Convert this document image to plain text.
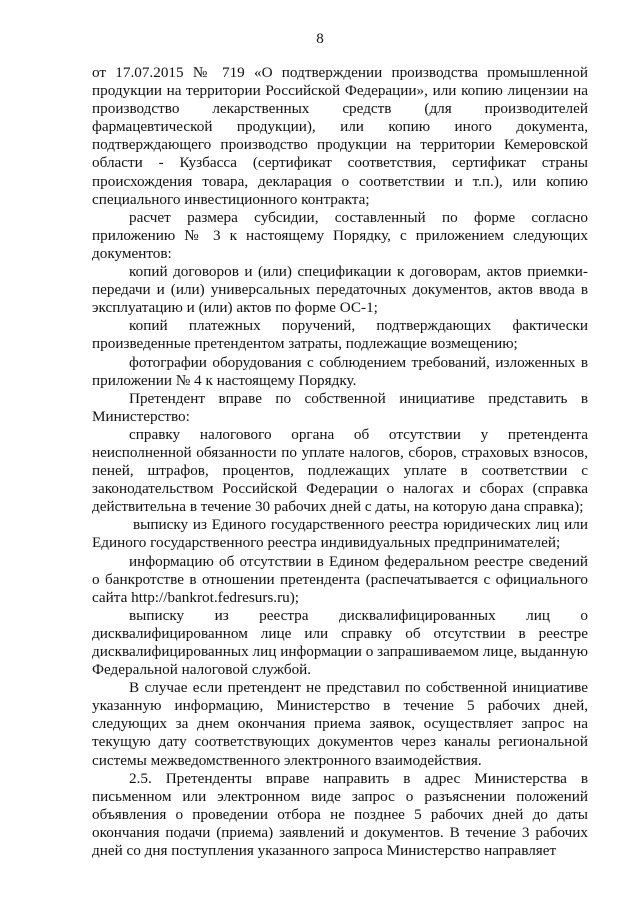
8

от 17.07.2015 № 719 «О подтверждении производства промышленной продукции на территории Российской Федерации», или копию лицензии на производство лекарственных средств (для производителей фармацевтической продукции), или копию иного документа, подтверждающего производство продукции на территории Кемеровской области - Кузбасса (сертификат соответствия, сертификат страны происхождения товара, декларация о соответствии и т.п.), или копию специального инвестиционного контракта;

расчет размера субсидии, составленный по форме согласно приложению № 3 к настоящему Порядку, с приложением следующих документов:

копий договоров и (или) спецификации к договорам, актов приемки-передачи и (или) универсальных передаточных документов, актов ввода в эксплуатацию и (или) актов по форме ОС-1;

копий платежных поручений, подтверждающих фактически произведенные претендентом затраты, подлежащие возмещению;

фотографии оборудования с соблюдением требований, изложенных в приложении № 4 к настоящему Порядку.

Претендент вправе по собственной инициативе представить в Министерство:

справку налогового органа об отсутствии у претендента неисполненной обязанности по уплате налогов, сборов, страховых взносов, пеней, штрафов, процентов, подлежащих уплате в соответствии с законодательством Российской Федерации о налогах и сборах (справка действительна в течение 30 рабочих дней с даты, на которую дана справка);

выписку из Единого государственного реестра юридических лиц или Единого государственного реестра индивидуальных предпринимателей;

информацию об отсутствии в Едином федеральном реестре сведений о банкротстве в отношении претендента (распечатывается с официального сайта http://bankrot.fedresurs.ru);

выписку из реестра дисквалифицированных лиц о дисквалифицированном лице или справку об отсутствии в реестре дисквалифицированных лиц информации о запрашиваемом лице, выданную Федеральной налоговой службой.

В случае если претендент не представил по собственной инициативе указанную информацию, Министерство в течение 5 рабочих дней, следующих за днем окончания приема заявок, осуществляет запрос на текущую дату соответствующих документов через каналы региональной системы межведомственного электронного взаимодействия.

2.5. Претенденты вправе направить в адрес Министерства в письменном или электронном виде запрос о разъяснении положений объявления о проведении отбора не позднее 5 рабочих дней до даты окончания подачи (приема) заявлений и документов. В течение 3 рабочих дней со дня поступления указанного запроса Министерство направляет
